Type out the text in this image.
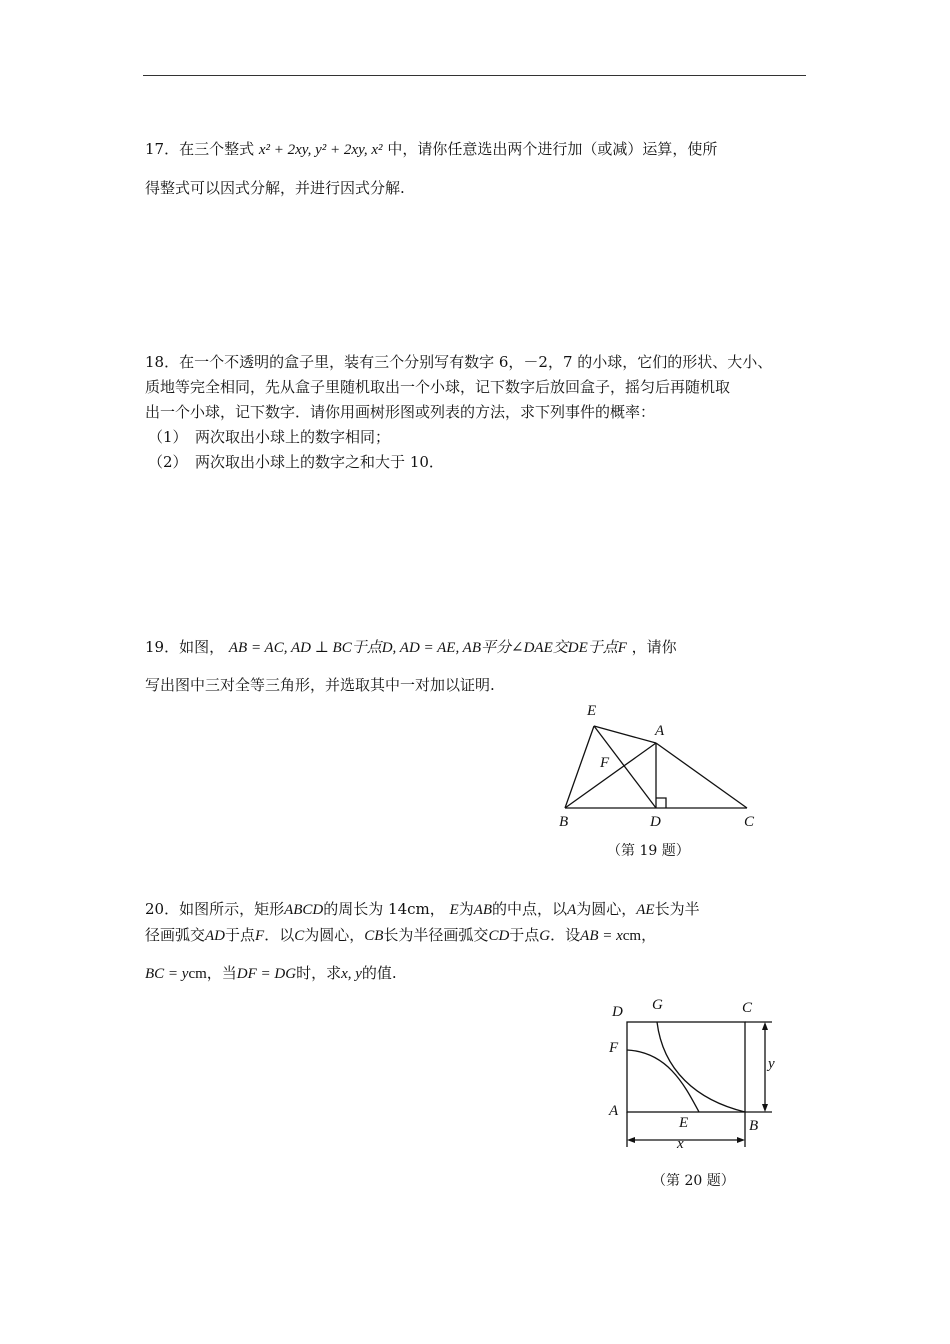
17．在三个整式 x² + 2xy, y² + 2xy, x² 中，请你任意选出两个进行加（或减）运算，使所
得整式可以因式分解，并进行因式分解.
18．在一个不透明的盒子里，装有三个分别写有数字 6，－2，7 的小球，它们的形状、大小、
质地等完全相同，先从盒子里随机取出一个小球，记下数字后放回盒子，摇匀后再随机取
出一个小球，记下数字．请你用画树形图或列表的方法，求下列事件的概率：
（1）　两次取出小球上的数字相同；
（2）　两次取出小球上的数字之和大于 10．
19．如图， AB = AC, AD ⊥ BC于点D, AD = AE, AB平分∠DAE交DE于点F ，请你
写出图中三对全等三角形，并选取其中一对加以证明.
E
A
F
B	D	C
（第 19 题）
20．如图所示，矩形ABCD的周长为 14cm， E为AB的中点，以A为圆心，AE长为半
径画弧交AD于点F．以C为圆心，CB长为半径画弧交CD于点G．设AB = xcm，
BC = ycm，当DF = DG时，求x, y的值.
D G	C
F
A
E	B
x
y
（第 20 题）
